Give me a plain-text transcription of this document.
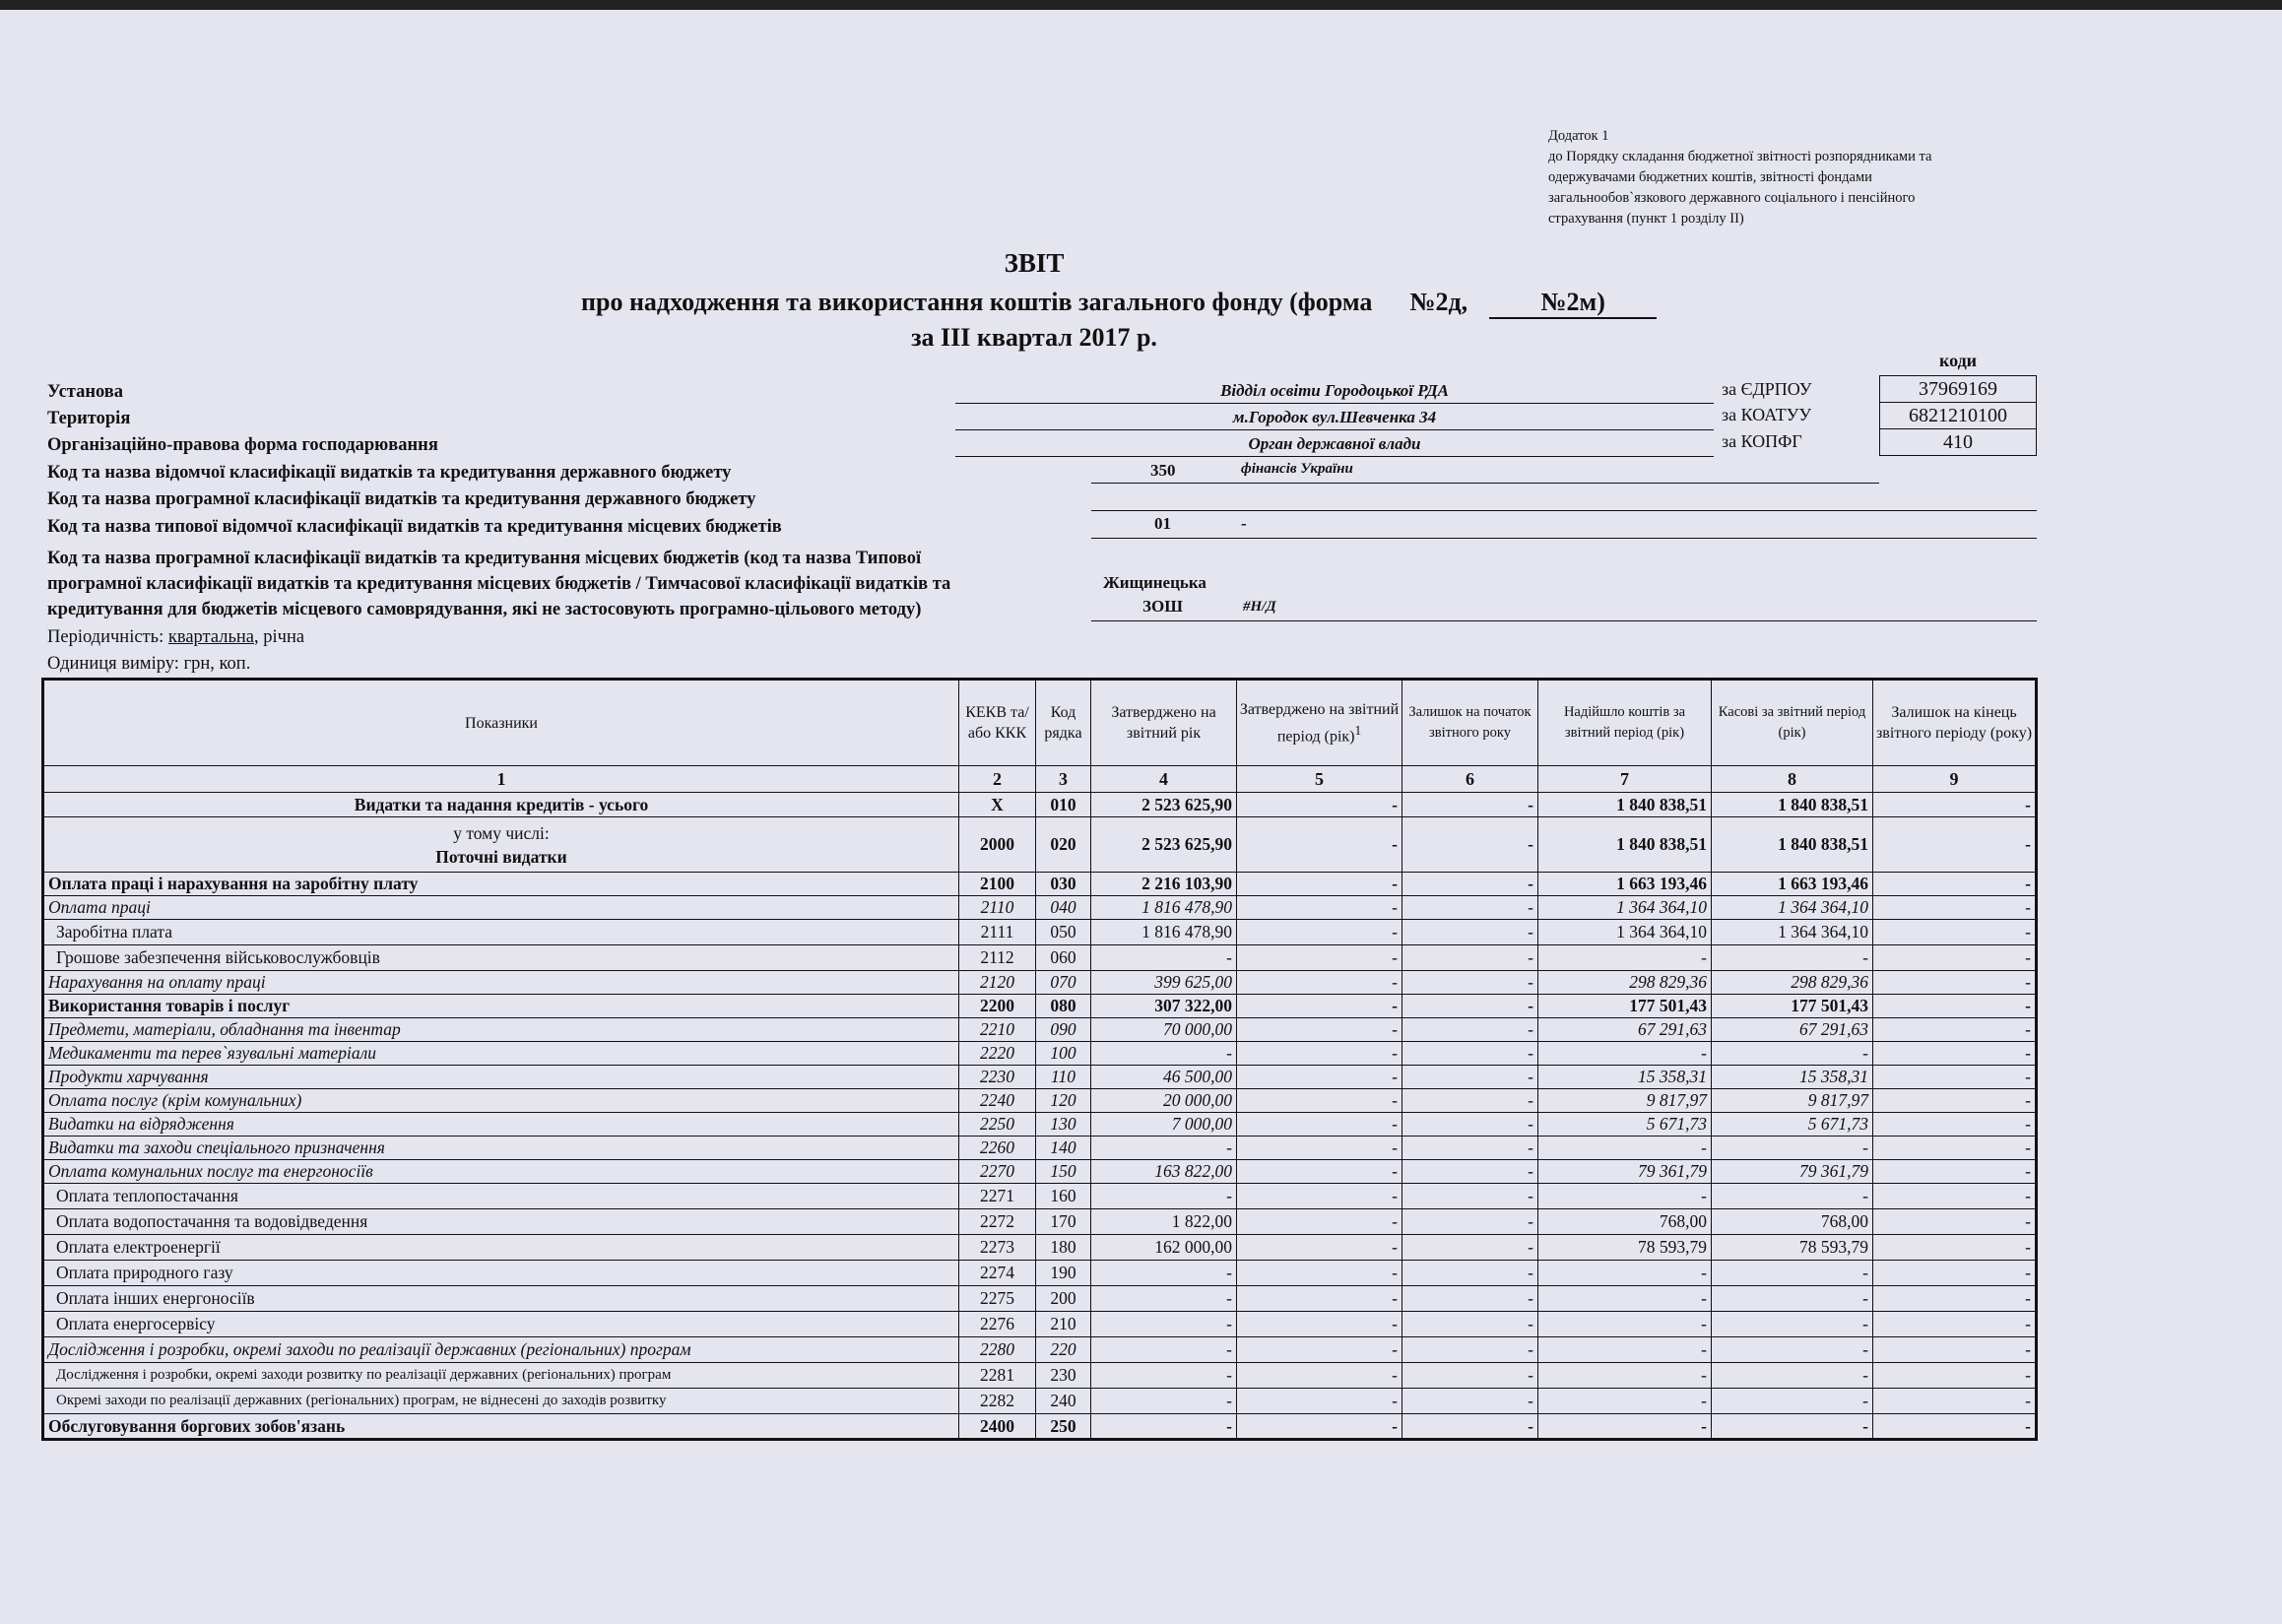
Додаток 1
до Порядку складання бюджетної звітності розпорядниками та
одержувачами бюджетних коштів, звітності фондами
загальнообов`язкового державного соціального і пенсійного
страхування (пункт 1 розділу ІІ)
ЗВІТ
про надходження та використання коштів загального фонду (форма №2д,	№2м)
за ІІІ квартал 2017 р.
коди
Установа	Відділ освіти Городоцької РДА	за ЄДРПОУ	37969169
Територія	м.Городок вул.Шевченка 34	за КОАТУУ	6821210100
Організаційно-правова форма господарювання	Орган державної влади	за КОПФГ	410
Код та назва відомчої класифікації видатків та кредитування державного бюджету	350	фінансів України
Код та назва програмної класифікації видатків та кредитування державного бюджету
Код та назва типової відомчої класифікації видатків та кредитування місцевих бюджетів	01	-
Код та назва програмної класифікації видатків та кредитування місцевих бюджетів (код та назва Типової
програмної класифікації видатків та кредитування місцевих бюджетів / Тимчасової класифікації видатків та
кредитування для бюджетів місцевого самоврядування, які не застосовують програмно-цільового методу)
Жищинецька
ЗОШ	#Н/Д
Періодичність: квартальна, річна
Одиниця виміру: грн, коп.
Показники	КЕКВ та/або ККК	Код рядка	Затверджено на звітний рік	Затверджено на звітний період (рік)$^1$	Залишок на початок звітного року	Надійшло коштів за звітний період (рік)	Касові за звітний період (рік)	Залишок на кінець звітного періоду (року)
1	2	3	4	5	6	7	8	9
Видатки та надання кредитів - усього	X	010	2 523 625,90	-	-	1 840 838,51	1 840 838,51	-
у тому числі:
Поточні видатки	2000	020	2 523 625,90	-	-	1 840 838,51	1 840 838,51	-
Оплата праці і нарахування на заробітну плату	2100	030	2 216 103,90	-	-	1 663 193,46	1 663 193,46	-
Оплата праці	2110	040	1 816 478,90	-	-	1 364 364,10	1 364 364,10	-
Заробітна плата	2111	050	1 816 478,90	-	-	1 364 364,10	1 364 364,10	-
Грошове забезпечення військовослужбовців	2112	060	-	-	-	-	-	-
Нарахування на оплату праці	2120	070	399 625,00	-	-	298 829,36	298 829,36	-
Використання товарів і послуг	2200	080	307 322,00	-	-	177 501,43	177 501,43	-
Предмети, матеріали, обладнання та інвентар	2210	090	70 000,00	-	-	67 291,63	67 291,63	-
Медикаменти та перев`язувальні матеріали	2220	100	-	-	-	-	-	-
Продукти харчування	2230	110	46 500,00	-	-	15 358,31	15 358,31	-
Оплата послуг (крім комунальних)	2240	120	20 000,00	-	-	9 817,97	9 817,97	-
Видатки на відрядження	2250	130	7 000,00	-	-	5 671,73	5 671,73	-
Видатки та заходи спеціального призначення	2260	140	-	-	-	-	-	-
Оплата комунальних послуг та енергоносіїв	2270	150	163 822,00	-	-	79 361,79	79 361,79	-
Оплата теплопостачання	2271	160	-	-	-	-	-	-
Оплата водопостачання та водовідведення	2272	170	1 822,00	-	-	768,00	768,00	-
Оплата електроенергії	2273	180	162 000,00	-	-	78 593,79	78 593,79	-
Оплата природного газу	2274	190	-	-	-	-	-	-
Оплата інших енергоносіїв	2275	200	-	-	-	-	-	-
Оплата енергосервісу	2276	210	-	-	-	-	-	-
Дослідження і розробки, окремі заходи по реалізації державних (регіональних) програм	2280	220	-	-	-	-	-	-
Дослідження і розробки, окремі заходи розвитку по реалізації державних (регіональних) програм	2281	230	-	-	-	-	-	-
Окремі заходи по реалізації державних (регіональних) програм, не віднесені до заходів розвитку	2282	240	-	-	-	-	-	-
Обслуговування боргових зобов'язань	2400	250	-	-	-	-	-	-
